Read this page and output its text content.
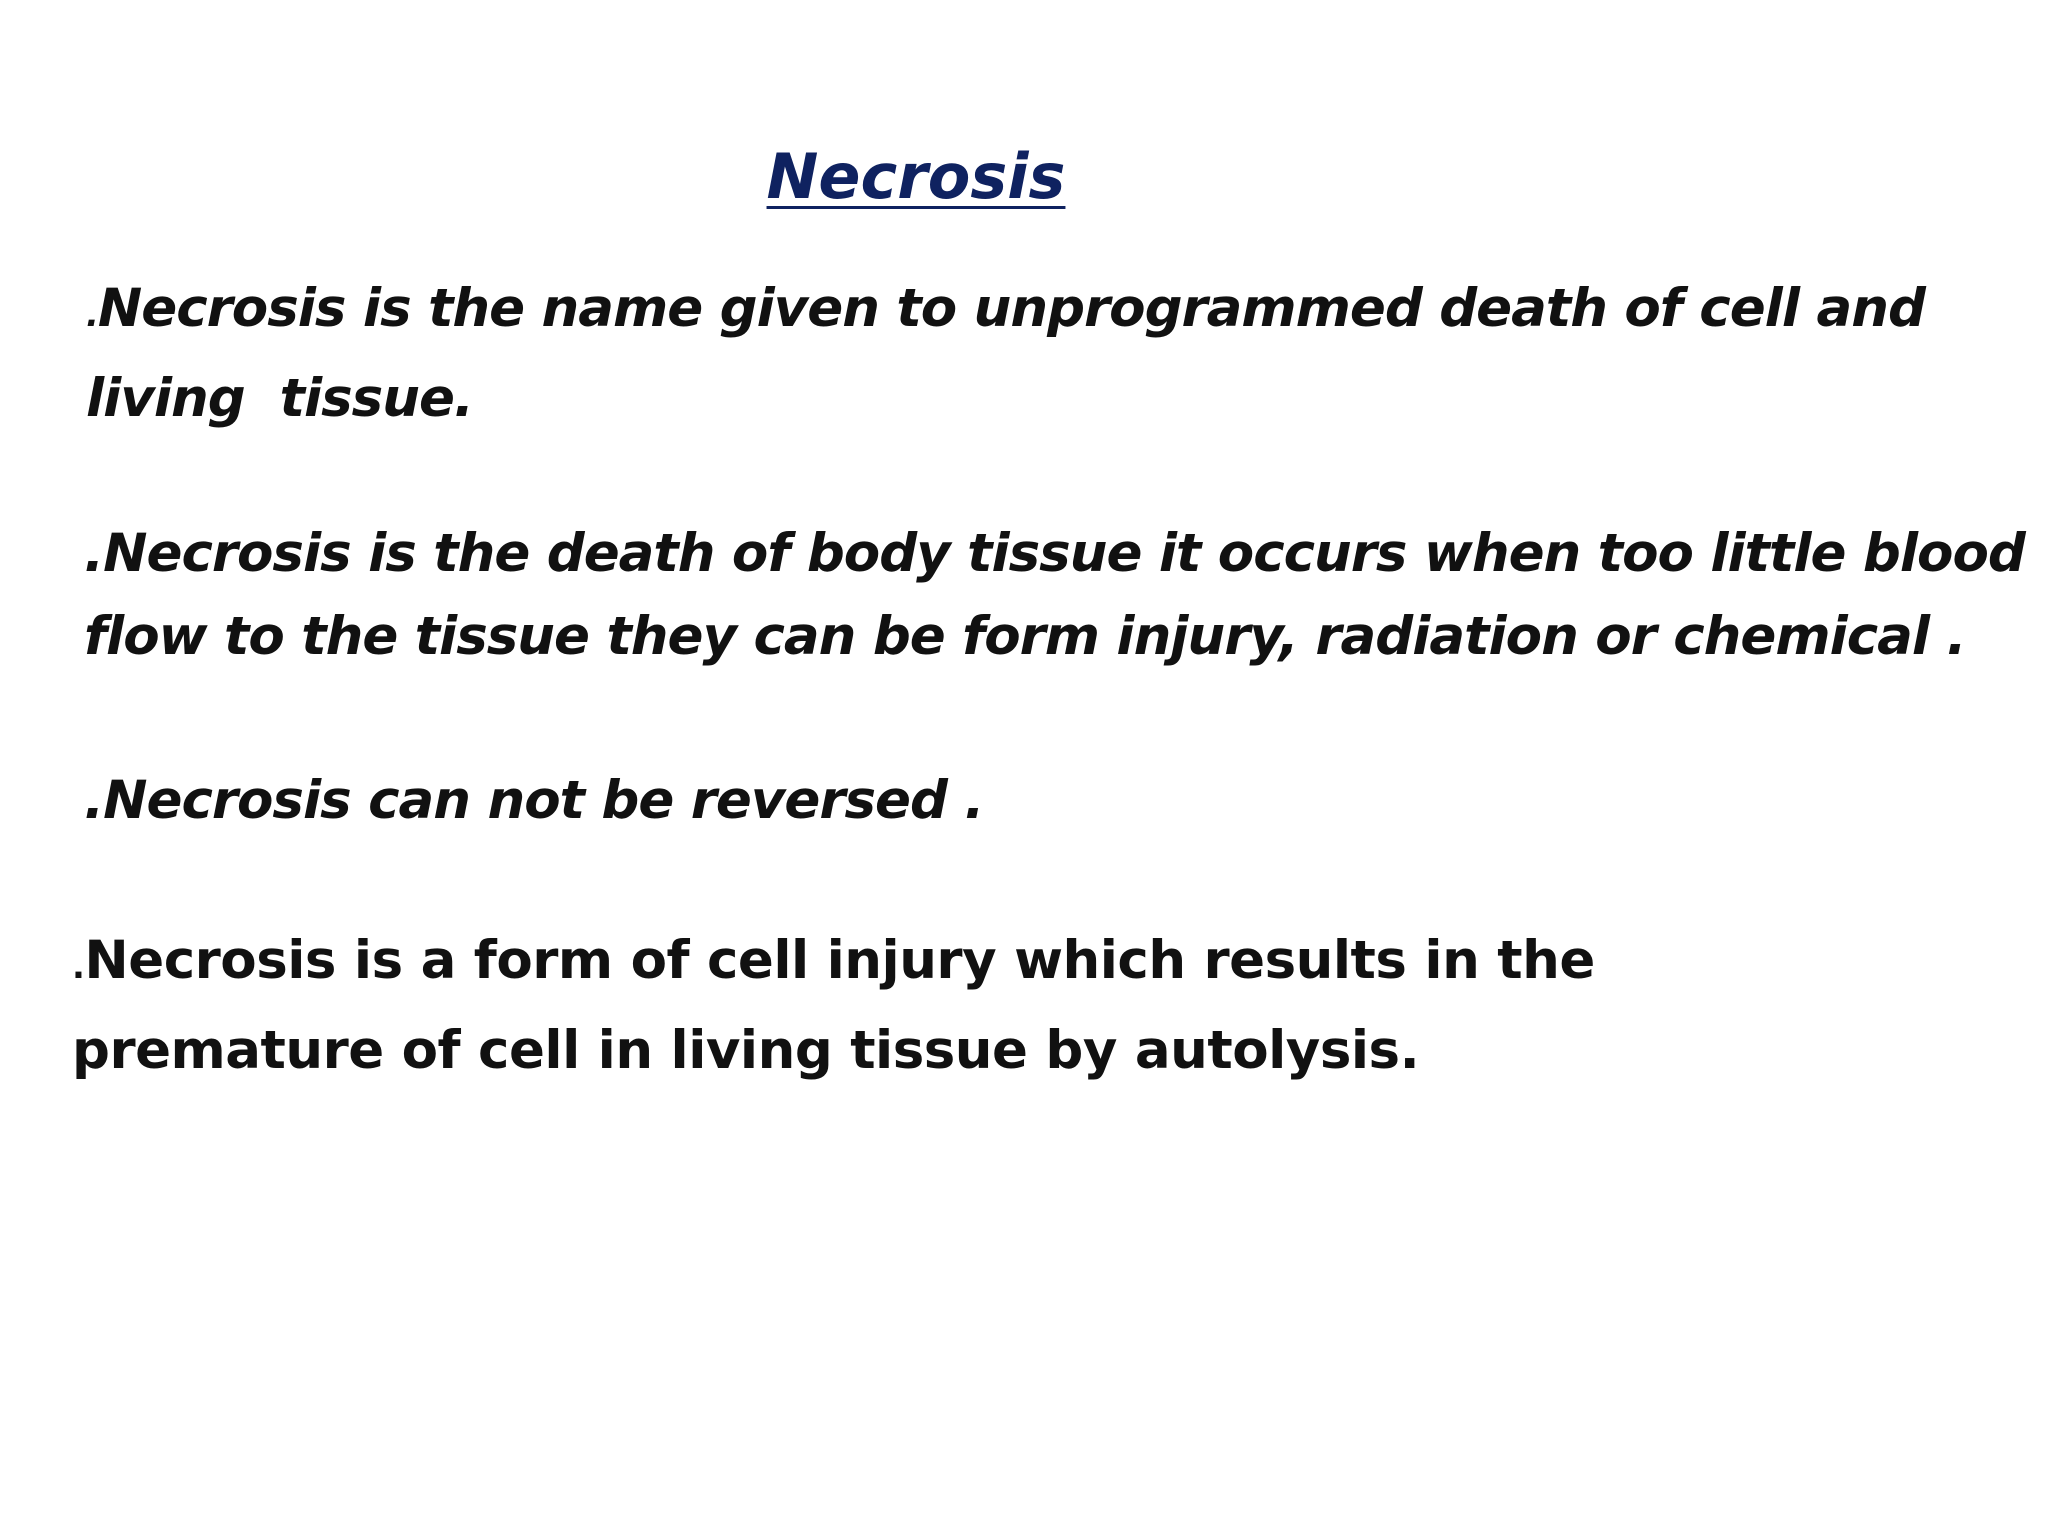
Necrosis

.Necrosis is the name given to unprogrammed death of cell and
living  tissue.

.Necrosis is the death of body tissue it occurs when too little blood
flow to the tissue they can be form injury, radiation or chemical .

.Necrosis can not be reversed .

.Necrosis is a form of cell injury which results in the
premature of cell in living tissue by autolysis.
